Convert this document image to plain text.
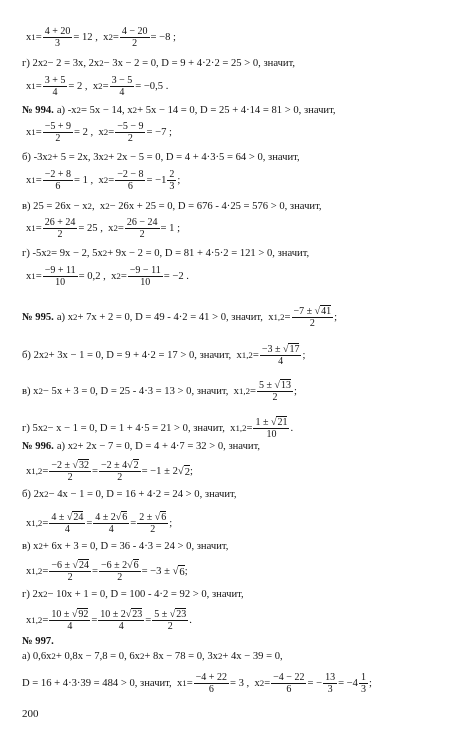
x 1 =
4 + 20
3
= 12 ,  x 2 =
4 − 20
2
= −8 ;
г) 2x 2 − 2 = 3x, 2x 2 − 3x − 2 = 0, D = 9 + 4·2·2 = 25 > 0, значит,
x 1 =
3 + 5
4
= 2 ,  x 2 =
3 − 5
4
= −0,5 .
№ 994. а) -x 2 = 5x − 14, x 2 + 5x − 14 = 0, D = 25 + 4·14 = 81 > 0, значит,
x 1 =
−5 + 9
2
= 2 ,  x 2 =
−5 − 9
2
= −7 ;
б) -3x 2 + 5 = 2x, 3x 2 + 2x − 5 = 0, D = 4 + 4·3·5 = 64 > 0, значит,
x 1 =
−2 + 8
6
= 1 ,  x 2 =
−2 − 8
6
= −1
2
3
;
в) 25 = 26x − x 2 ,  x 2 − 26x + 25 = 0, D = 676 - 4·25 = 576 > 0, значит,
x 1 =
26 + 24
2
= 25 ,  x 2 =
26 − 24
2
= 1 ;
г) -5x 2 = 9x − 2, 5x 2 + 9x − 2 = 0, D = 81 + 4·5·2 = 121 > 0, значит,
x 1 =
−9 + 11
10
= 0,2 ,  x 2 =
−9 − 11
10
= −2 .
№ 995. а) x 2 + 7x + 2 = 0, D = 49 - 4·2 = 41 > 0, значит,  x 1,2 =
−7 ± √41
2
;
б) 2x 2 + 3x − 1 = 0, D = 9 + 4·2 = 17 > 0, значит,  x 1,2 =
−3 ± √17
4
;
в) x 2 − 5x + 3 = 0, D = 25 - 4·3 = 13 > 0, значит,  x 1,2 =
5 ± √13
2
;
г) 5x 2 − x − 1 = 0, D = 1 + 4·5 = 21 > 0, значит,  x 1,2 =
1 ± √21
10
.
№ 996. а) x 2 + 2x − 7 = 0, D = 4 + 4·7 = 32 > 0, значит,
x 1,2 =
−2 ± √32
2
=
−2 ± 4√2
2
= −1 ± 2√ 2 ;
б) 2x 2 − 4x − 1 = 0, D = 16 + 4·2 = 24 > 0, значит,
x 1,2 =
4 ± √24
4
=
4 ± 2√6
4
=
2 ± √6
2
;
в) x 2 + 6x + 3 = 0, D = 36 - 4·3 = 24 > 0, значит,
x 1,2 =
−6 ± √24
2
=
−6 ± 2√6
2
= −3 ± √ 6 ;
г) 2x 2 − 10x + 1 = 0, D = 100 - 4·2 = 92 > 0, значит,
x 1,2 =
10 ± √92
4
=
10 ± 2√23
4
=
5 ± √23
2
.
№ 997.
а) 0,6x 2 + 0,8x − 7,8 = 0, 6x 2 + 8x − 78 = 0, 3x 2 + 4x − 39 = 0,
D = 16 + 4·3·39 = 484 > 0, значит,  x 1 =
−4 + 22
6
= 3 ,  x 2 =
−4 − 22
6
= −
13
3
= −4
1
3
;
200
